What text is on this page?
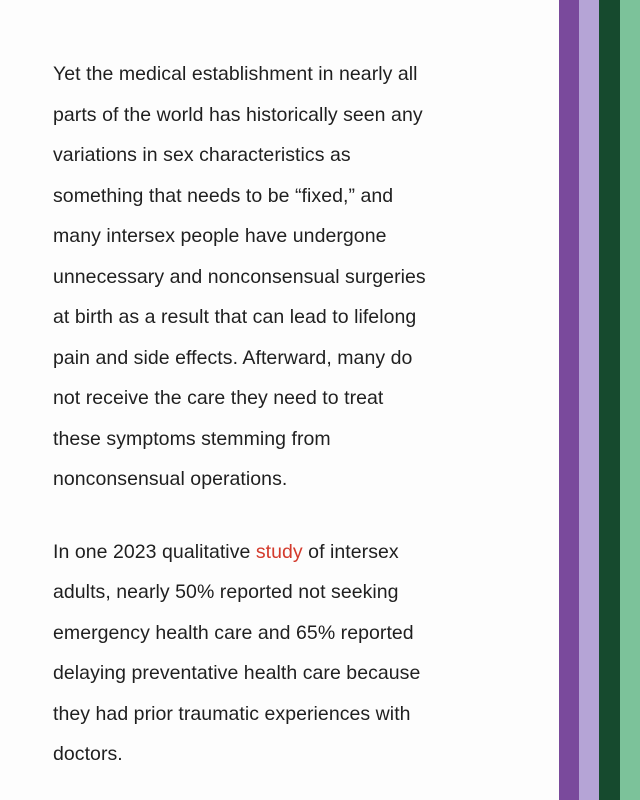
Yet the medical establishment in nearly all
parts of the world has historically seen any
variations in sex characteristics as
something that needs to be “fixed,” and
many intersex people have undergone
unnecessary and nonconsensual surgeries
at birth as a result that can lead to lifelong
pain and side effects. Afterward, many do
not receive the care they need to treat
these symptoms stemming from
nonconsensual operations.

In one 2023 qualitative study of intersex
adults, nearly 50% reported not seeking
emergency health care and 65% reported
delaying preventative health care because
they had prior traumatic experiences with
doctors.
